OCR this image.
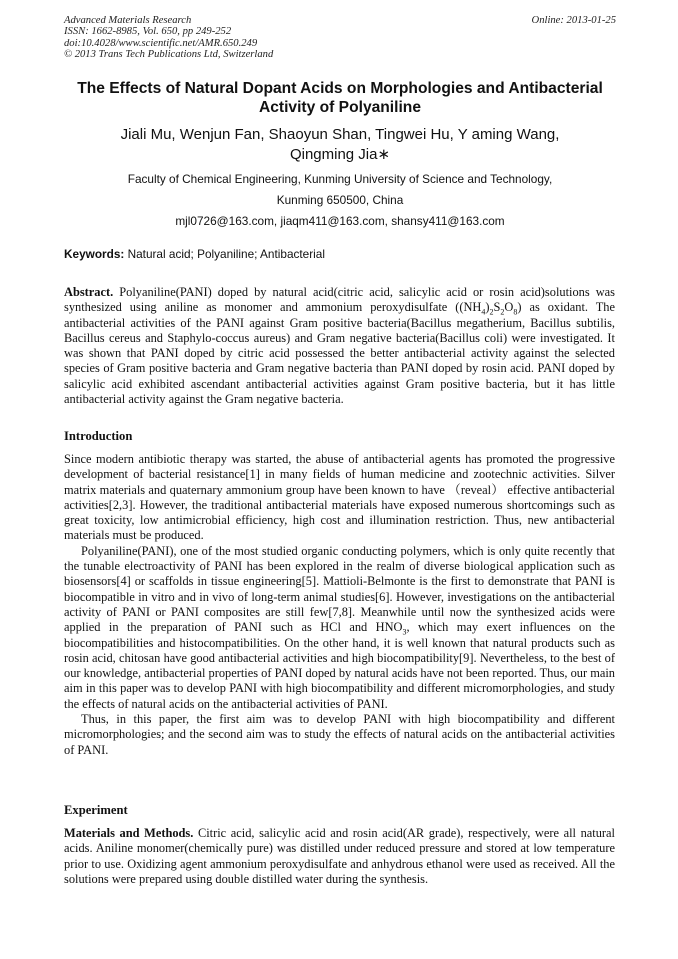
Advanced Materials Research
ISSN: 1662-8985, Vol. 650, pp 249-252
doi:10.4028/www.scientific.net/AMR.650.249
© 2013 Trans Tech Publications Ltd, Switzerland
Online: 2013-01-25
The Effects of Natural Dopant Acids on Morphologies and Antibacterial Activity of Polyaniline
Jiali Mu, Wenjun Fan, Shaoyun Shan, Tingwei Hu, Y aming Wang,
Qingming Jia∗
Faculty of Chemical Engineering, Kunming University of Science and Technology,
Kunming 650500, China
mjl0726@163.com, jiaqm411@163.com, shansy411@163.com
Keywords: Natural acid; Polyaniline; Antibacterial
Abstract. Polyaniline(PANI) doped by natural acid(citric acid, salicylic acid or rosin acid)solutions was synthesized using aniline as monomer and ammonium peroxydisulfate $((NH_4)_2S_2O_8)$ as oxidant. The antibacterial activities of the PANI against Gram positive bacteria(Bacillus megatherium, Bacillus subtilis, Bacillus cereus and Staphylo-coccus aureus) and Gram negative bacteria(Bacillus coli) were investigated. It was shown that PANI doped by citric acid possessed the better antibacterial activity against the selected species of Gram positive bacteria and Gram negative bacteria than PANI doped by rosin acid. PANI doped by salicylic acid exhibited ascendant antibacterial activities against Gram positive bacteria, but it has little antibacterial activity against the Gram negative bacteria.
Introduction

Since modern antibiotic therapy was started, the abuse of antibacterial agents has promoted the progressive development of bacterial resistance[1] in many fields of human medicine and zootechnic activities. Silver matrix materials and quaternary ammonium group have been known to have （reveal） effective antibacterial activities[2,3]. However, the traditional antibacterial materials have exposed numerous shortcomings such as great toxicity, low antimicrobial efficiency, high cost and illumination restriction. Thus, new antibacterial materials must be produced.

Polyaniline(PANI), one of the most studied organic conducting polymers, which is only quite recently that the tunable electroactivity of PANI has been explored in the realm of diverse biological application such as biosensors[4] or scaffolds in tissue engineering[5]. Mattioli-Belmonte is the first to demonstrate that PANI is biocompatible in vitro and in vivo of long-term animal studies[6]. However, investigations on the antibacterial activity of PANI or PANI composites are still few[7,8]. Meanwhile until now the synthesized acids were applied in the preparation of PANI such as HCl and $HNO_3$, which may exert influences on the biocompatibilities and histocompatibilities. On the other hand, it is well known that natural products such as rosin acid, chitosan have good antibacterial activities and high biocompatibility[9]. Nevertheless, to the best of our knowledge, antibacterial properties of PANI doped by natural acids have not been reported. Thus, our main aim in this paper was to develop PANI with high biocompatibility and different micromorphologies, and study the effects of natural acids on the antibacterial activities of PANI.

Thus, in this paper, the first aim was to develop PANI with high biocompatibility and different micromorphologies; and the second aim was to study the effects of natural acids on the antibacterial activities of PANI.

Experiment
Materials and Methods. Citric acid, salicylic acid and rosin acid(AR grade), respectively, were all natural acids. Aniline monomer(chemically pure) was distilled under reduced pressure and stored at low temperature prior to use. Oxidizing agent ammonium peroxydisulfate and anhydrous ethanol were used as received. All the solutions were prepared using double distilled water during the synthesis.
